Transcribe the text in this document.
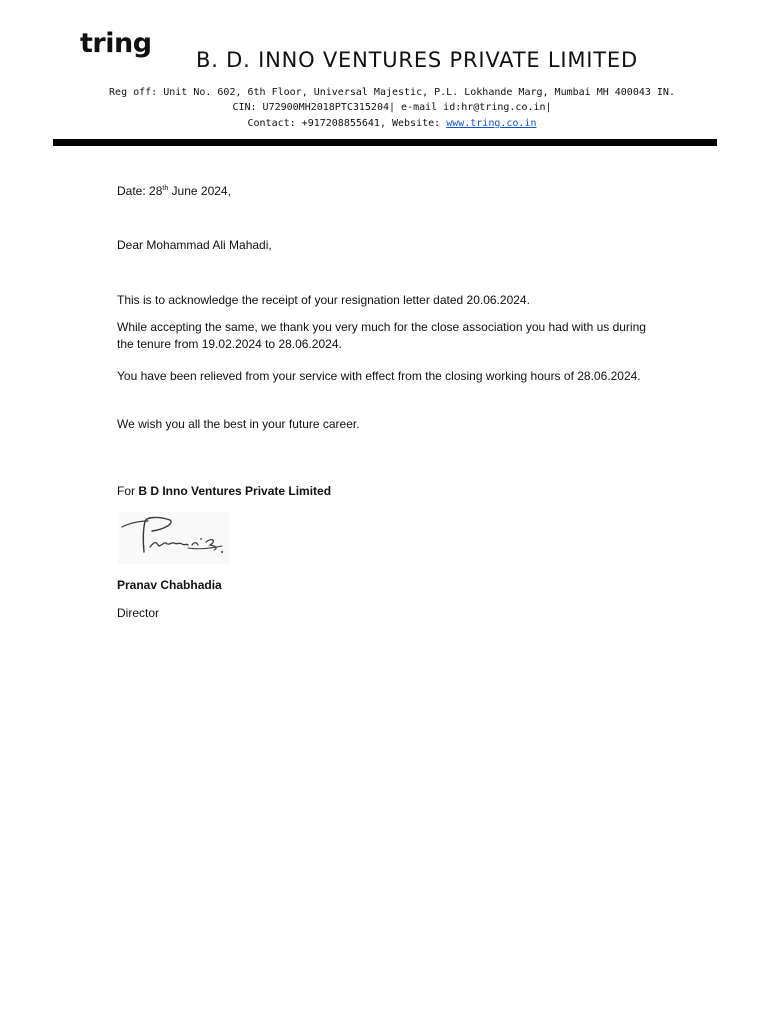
tring
B. D. INNO VENTURES PRIVATE LIMITED
Reg off: Unit No. 602, 6th Floor, Universal Majestic, P.L. Lokhande Marg, Mumbai MH 400043 IN.
CIN: U72900MH2018PTC315204| e-mail id:hr@tring.co.in|
Contact: +917208855641, Website: www.tring.co.in
Date: 28th June 2024,
Dear Mohammad Ali Mahadi,
This is to acknowledge the receipt of your resignation letter dated 20.06.2024.
While accepting the same, we thank you very much for the close association you had with us during
the tenure from 19.02.2024 to 28.06.2024.
You have been relieved from your service with effect from the closing working hours of 28.06.2024.
We wish you all the best in your future career.
For B D Inno Ventures Private Limited
Pranav Chabhadia
Director
